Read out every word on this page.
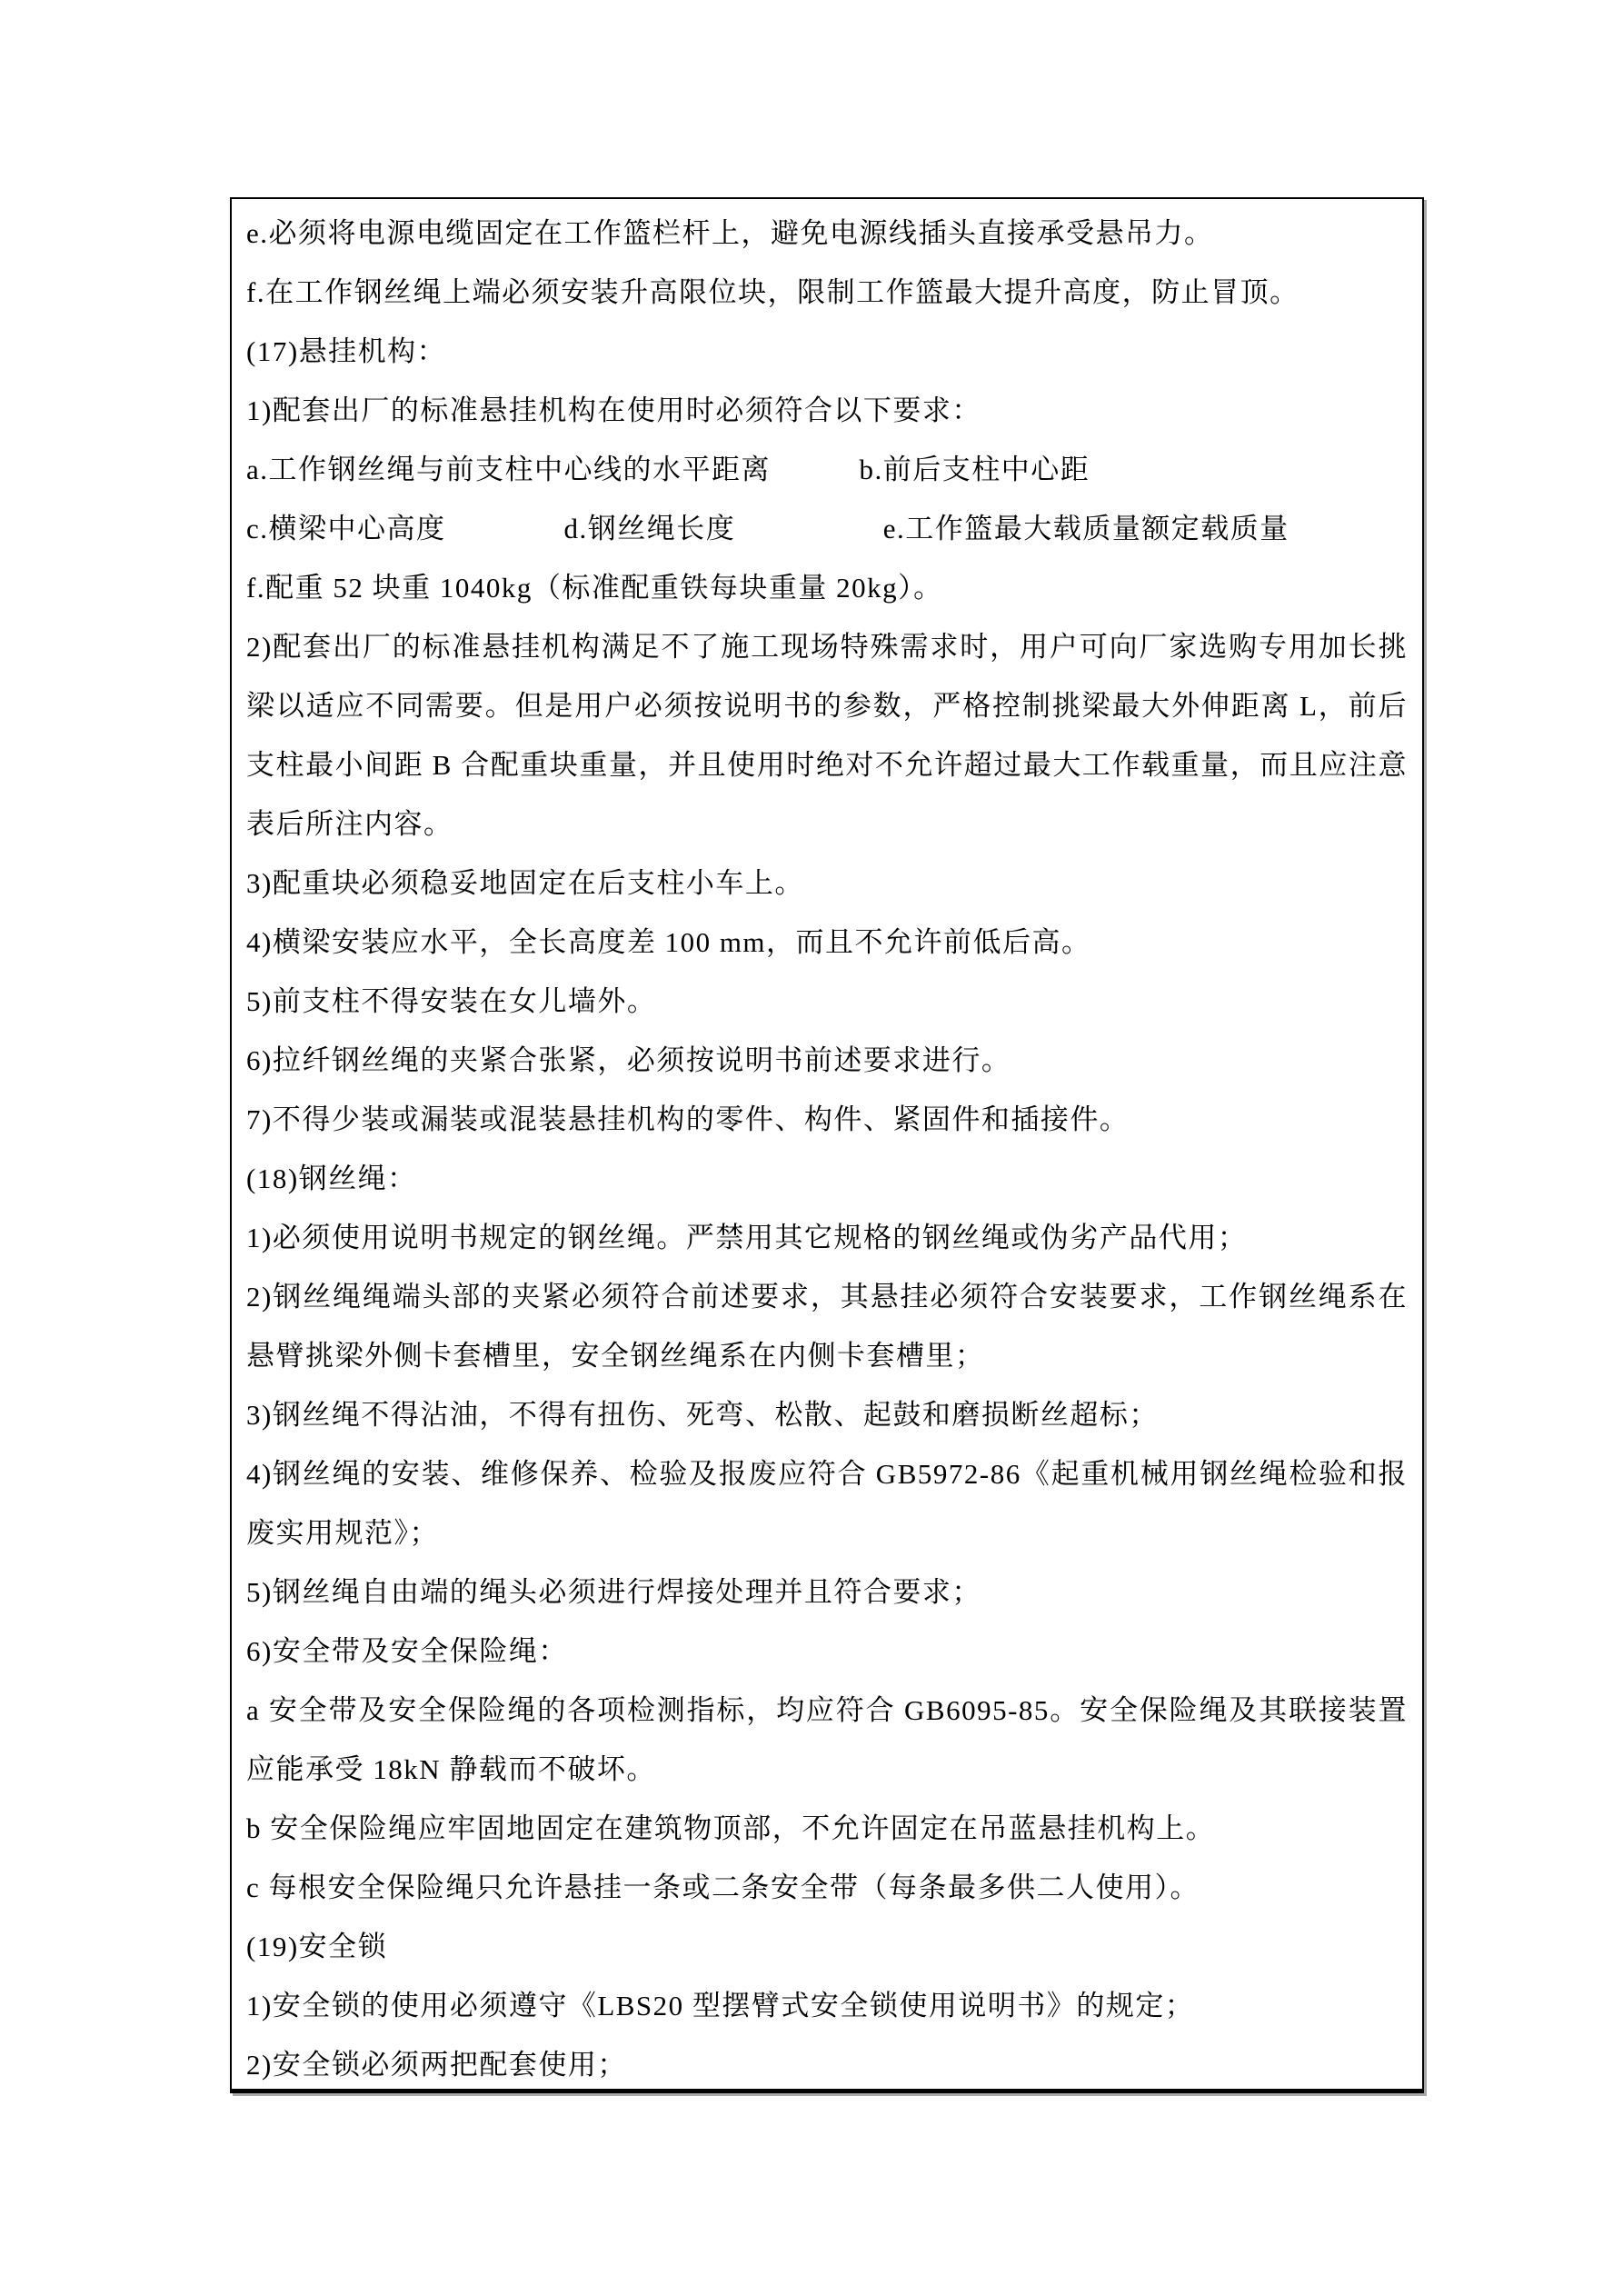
e.必须将电源电缆固定在工作篮栏杆上，避免电源线插头直接承受悬吊力。
f.在工作钢丝绳上端必须安装升高限位块，限制工作篮最大提升高度，防止冒顶。
(17)悬挂机构：
1)配套出厂的标准悬挂机构在使用时必须符合以下要求：
a.工作钢丝绳与前支柱中心线的水平距离　　　b.前后支柱中心距
c.横梁中心高度　　　　d.钢丝绳长度　　　　　e.工作篮最大载质量额定载质量
f.配重 52 块重 1040kg（标准配重铁每块重量 20kg）。
2)配套出厂的标准悬挂机构满足不了施工现场特殊需求时，用户可向厂家选购专用加长挑
梁以适应不同需要。但是用户必须按说明书的参数，严格控制挑梁最大外伸距离 L，前后
支柱最小间距 B 合配重块重量，并且使用时绝对不允许超过最大工作载重量，而且应注意
表后所注内容。
3)配重块必须稳妥地固定在后支柱小车上。
4)横梁安装应水平，全长高度差 100 mm，而且不允许前低后高。
5)前支柱不得安装在女儿墙外。
6)拉纤钢丝绳的夹紧合张紧，必须按说明书前述要求进行。
7)不得少装或漏装或混装悬挂机构的零件、构件、紧固件和插接件。
(18)钢丝绳：
1)必须使用说明书规定的钢丝绳。严禁用其它规格的钢丝绳或伪劣产品代用；
2)钢丝绳绳端头部的夹紧必须符合前述要求，其悬挂必须符合安装要求，工作钢丝绳系在
悬臂挑梁外侧卡套槽里，安全钢丝绳系在内侧卡套槽里；
3)钢丝绳不得沾油，不得有扭伤、死弯、松散、起鼓和磨损断丝超标；
4)钢丝绳的安装、维修保养、检验及报废应符合 GB5972-86《起重机械用钢丝绳检验和报
废实用规范》；
5)钢丝绳自由端的绳头必须进行焊接处理并且符合要求；
6)安全带及安全保险绳：
a 安全带及安全保险绳的各项检测指标，均应符合 GB6095-85。安全保险绳及其联接装置
应能承受 18kN 静载而不破坏。
b 安全保险绳应牢固地固定在建筑物顶部，不允许固定在吊蓝悬挂机构上。
c 每根安全保险绳只允许悬挂一条或二条安全带（每条最多供二人使用）。
(19)安全锁
1)安全锁的使用必须遵守《LBS20 型摆臂式安全锁使用说明书》的规定；
2)安全锁必须两把配套使用；
